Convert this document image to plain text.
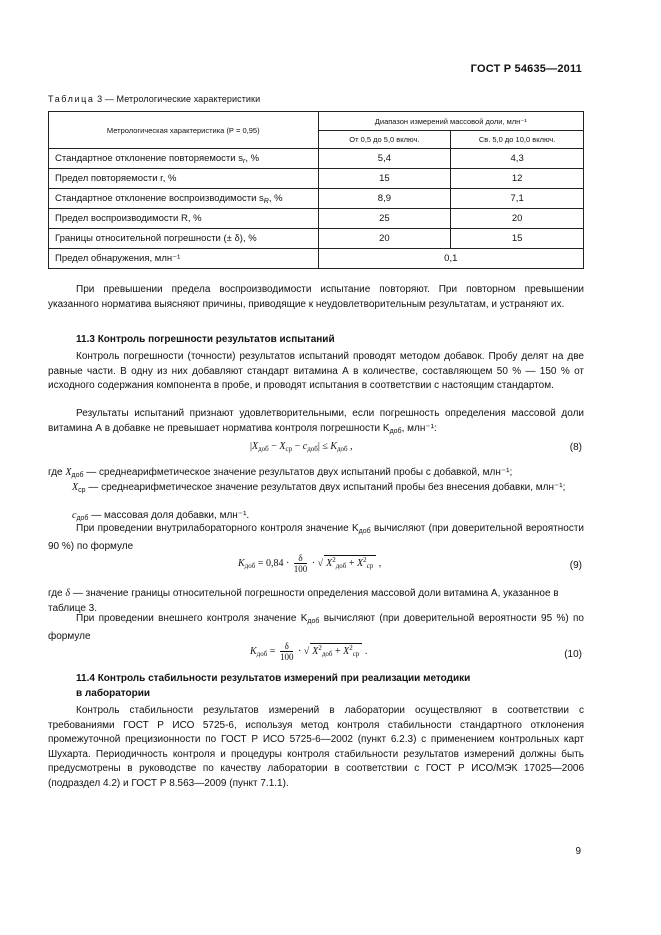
ГОСТ Р 54635—2011
Таблица 3 — Метрологические характеристики
Метрологическая характеристика (Р = 0,95)	Диапазон измерений массовой доли, млн⁻¹	
	От 0,5 до 5,0 включ.	Св. 5,0 до 10,0 включ.
Стандартное отклонение повторяемости $s_r$, %	5,4	4,3
Предел повторяемости r, %	15	12
Стандартное отклонение воспроизводимости $s_R$, %	8,9	7,1
Предел воспроизводимости R, %	25	20
Границы относительной погрешности (± δ), %	20	15
Предел обнаружения, млн⁻¹	0,1	
При превышении предела воспроизводимости испытание повторяют. При повторном превышении указанного норматива выясняют причины, приводящие к неудовлетворительным результатам, и устраняют их.
11.3 Контроль погрешности результатов испытаний
Контроль погрешности (точности) результатов испытаний проводят методом добавок. Пробу делят на две равные части. В одну из них добавляют стандарт витамина А в количестве, составляющем 50 % — 150 % от исходного содержания компонента в пробе, и проводят испытания в соответствии с настоящим стандартом.
Результаты испытаний признают удовлетворительными, если погрешность определения массовой доли витамина А в добавке не превышает норматива контроля погрешности $K_{доб}$, млн⁻¹:
$|X_{доб} - X_{ср} - c_{доб}| \le K_{доб}$ ,	(8)
где $X_{доб}$ — среднеарифметическое значение результатов двух испытаний пробы с добавкой, млн⁻¹;
$X_{ср}$ — среднеарифметическое значение результатов двух испытаний пробы без внесения добавки, млн⁻¹;
$c_{доб}$ — массовая доля добавки, млн⁻¹.
При проведении внутрилабораторного контроля значение $K_{доб}$ вычисляют (при доверительной вероятности 90 %) по формуле
$K_{доб} = 0,84 \cdot \frac{\delta}{100}$ · √ $X^2_{доб} + X^2_{ср}$ ,	(9)
где δ — значение границы относительной погрешности определения массовой доли витамина А, указанное в таблице 3.
При проведении внешнего контроля значение $K_{доб}$ вычисляют (при доверительной вероятности 95 %) по формуле
$K_{доб} = \frac{\delta}{100}$ · √ $X^2_{доб} + X^2_{ср}$ .	(10)
11.4 Контроль стабильности результатов измерений при реализации методики
в лаборатории
Контроль стабильности результатов измерений в лаборатории осуществляют в соответствии с требованиями ГОСТ Р ИСО 5725-6, используя метод контроля стабильности стандартного отклонения промежуточной прецизионности по ГОСТ Р ИСО 5725-6—2002 (пункт 6.2.3) с применением контрольных карт Шухарта. Периодичность контроля и процедуры контроля стабильности результатов измерений должны быть предусмотрены в руководстве по качеству лаборатории в соответствии с ГОСТ Р ИСО/МЭК 17025—2006 (подраздел 4.2) и ГОСТ Р 8.563—2009 (пункт 7.1.1).
9
